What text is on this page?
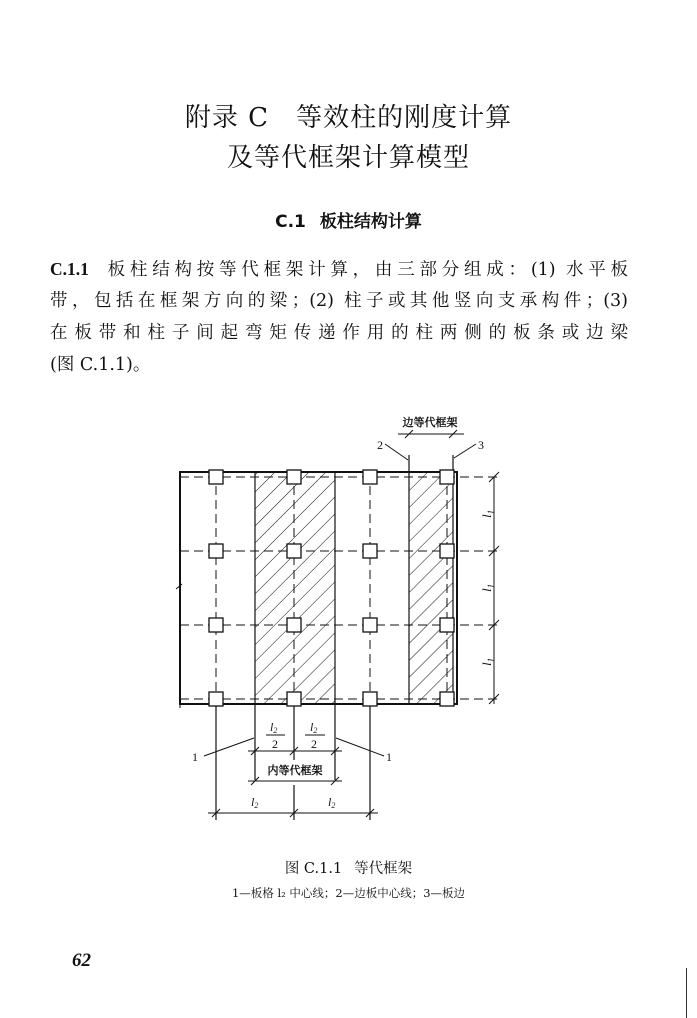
附录 C　等效柱的刚度计算
及等代框架计算模型
C.1 板柱结构计算
C.1.1 板柱结构按等代框架计算，由三部分组成：(1) 水平板
带，包括在框架方向的梁；(2) 柱子或其他竖向支承构件；(3)
在板带和柱子间起弯矩传递作用的柱两侧的板条或边梁
(图 C.1.1)。
$l_1$
$l_1$
$l_1$
边等代框架
2	3
l2
2
l2
2
1	1
内等代框架
l2	l2
图 C.1.1 等代框架
1—板格 l₂ 中心线；2—边板中心线；3—板边
62
